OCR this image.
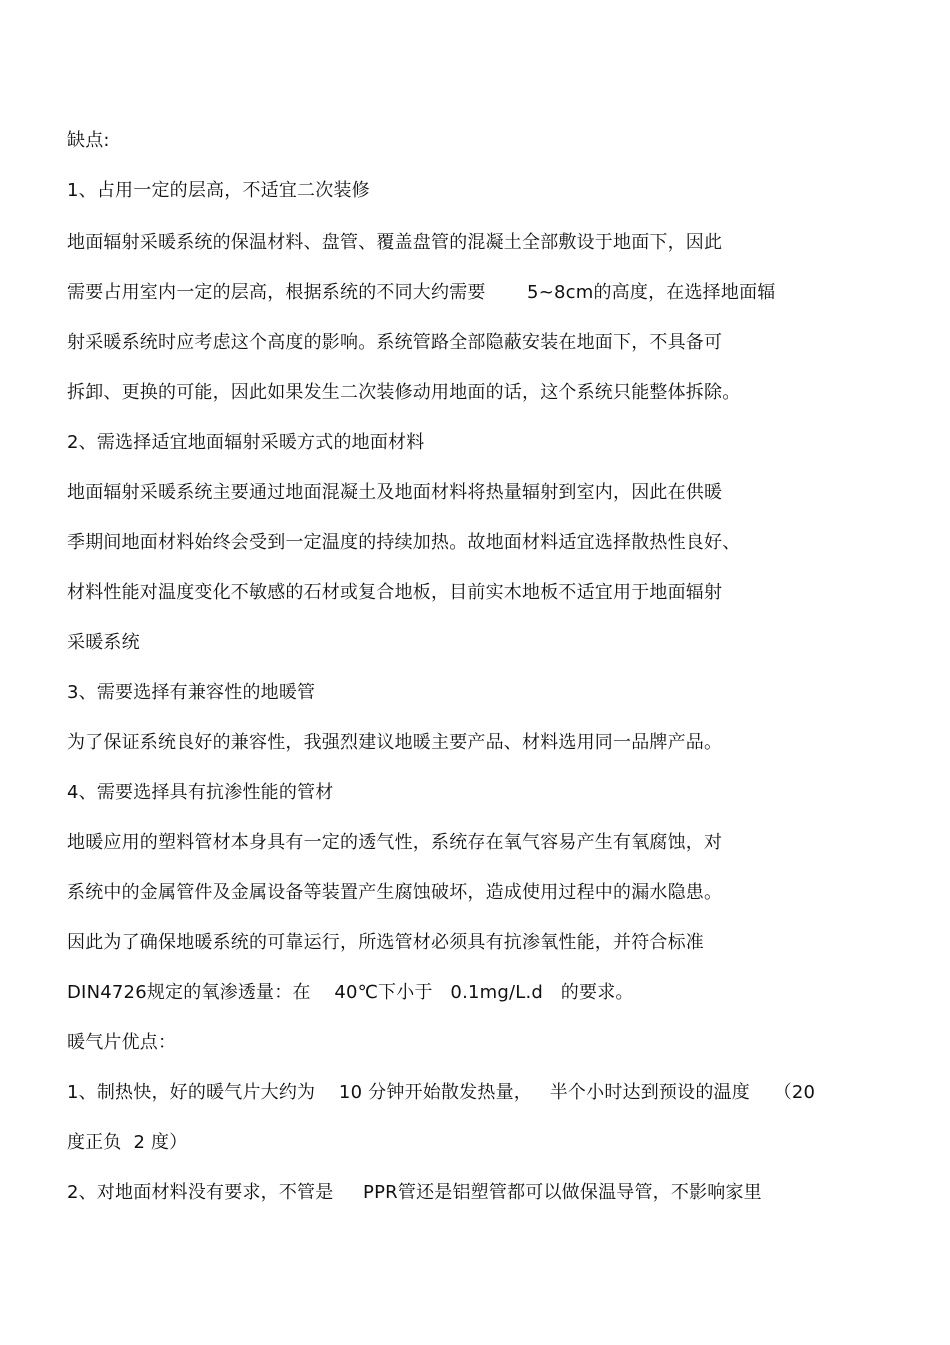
缺点:
1、占用一定的层高，不适宜二次装修
地面辐射采暖系统的保温材料、盘管、覆盖盘管的混凝土全部敷设于地面下，因此
需要占用室内一定的层高，根据系统的不同大约需要       5~8cm的高度，在选择地面辐
射采暖系统时应考虑这个高度的影响。系统管路全部隐蔽安装在地面下，不具备可
拆卸、更换的可能，因此如果发生二次装修动用地面的话，这个系统只能整体拆除。
2、需选择适宜地面辐射采暖方式的地面材料
地面辐射采暖系统主要通过地面混凝土及地面材料将热量辐射到室内，因此在供暖
季期间地面材料始终会受到一定温度的持续加热。故地面材料适宜选择散热性良好、
材料性能对温度变化不敏感的石材或复合地板，目前实木地板不适宜用于地面辐射
采暖系统
3、需要选择有兼容性的地暖管
为了保证系统良好的兼容性，我强烈建议地暖主要产品、材料选用同一品牌产品。
4、需要选择具有抗渗性能的管材
地暖应用的塑料管材本身具有一定的透气性，系统存在氧气容易产生有氧腐蚀，对
系统中的金属管件及金属设备等装置产生腐蚀破坏，造成使用过程中的漏水隐患。
因此为了确保地暖系统的可靠运行，所选管材必须具有抗渗氧性能，并符合标准
DIN4726规定的氧渗透量：在    40℃下小于   0.1mg/L.d   的要求。
暖气片优点：
1、制热快，好的暖气片大约为    10 分钟开始散发热量，   半个小时达到预设的温度    （20
度正负  2 度）
2、对地面材料没有要求，不管是     PPR管还是铝塑管都可以做保温导管，不影响家里
